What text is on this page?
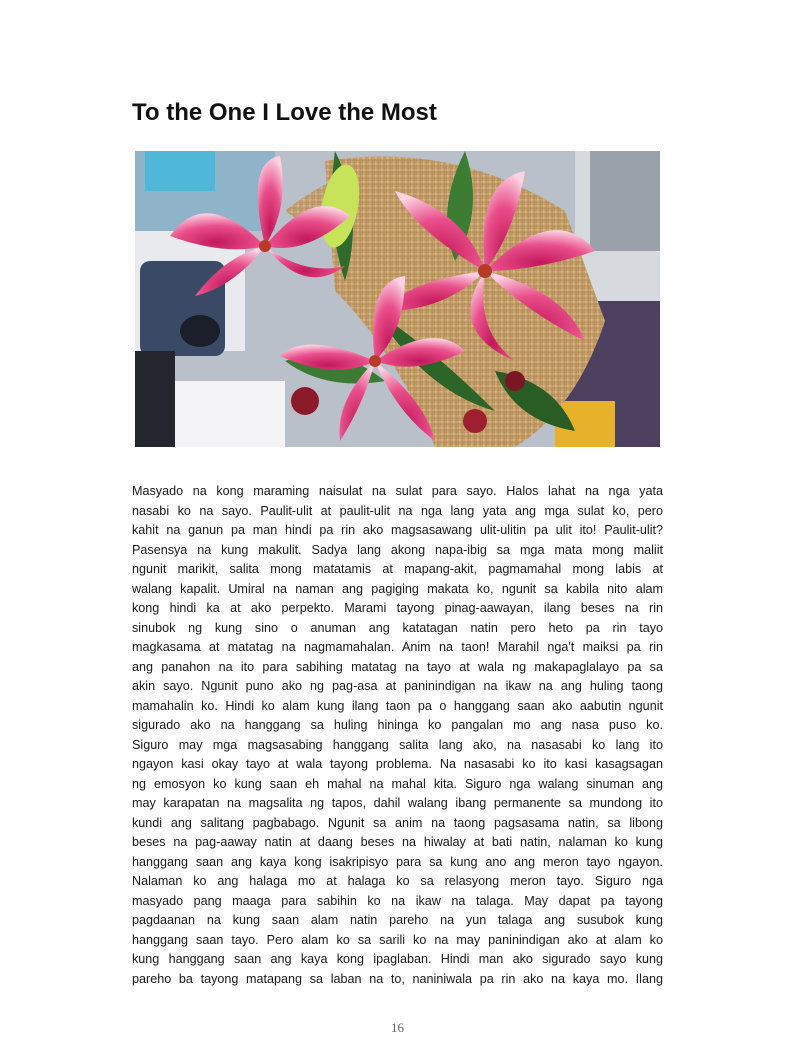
To the One I Love the Most
Masyado na kong maraming naisulat na sulat para sayo. Halos lahat na nga yata
nasabi ko na sayo. Paulit-ulit at paulit-ulit na nga lang yata ang mga sulat ko, pero
kahit na ganun pa man hindi pa rin ako magsasawang ulit-ulitin pa ulit ito! Paulit-ulit?
Pasensya na kung makulit. Sadya lang akong napa-ibig sa mga mata mong maliit
ngunit marikit, salita mong matatamis at mapang-akit, pagmamahal mong labis at
walang kapalit. Umiral na naman ang pagiging makata ko, ngunit sa kabila nito alam
kong hindi ka at ako perpekto. Marami tayong pinag-aawayan, ilang beses na rin
sinubok ng kung sino o anuman ang katatagan natin pero heto pa rin tayo
magkasama at matatag na nagmamahalan. Anim na taon! Marahil nga't maiksi pa rin
ang panahon na ito para sabihing matatag na tayo at wala ng makapaglalayo pa sa
akin sayo. Ngunit puno ako ng pag-asa at paninindigan na ikaw na ang huling taong
mamahalin ko. Hindi ko alam kung ilang taon pa o hanggang saan ako aabutin ngunit
sigurado ako na hanggang sa huling hininga ko pangalan mo ang nasa puso ko.
Siguro may mga magsasabing hanggang salita lang ako, na nasasabi ko lang ito
ngayon kasi okay tayo at wala tayong problema. Na nasasabi ko ito kasi kasagsagan
ng emosyon ko kung saan eh mahal na mahal kita. Siguro nga walang sinuman ang
may karapatan na magsalita ng tapos, dahil walang ibang permanente sa mundong ito
kundi ang salitang pagbabago. Ngunit sa anim na taong pagsasama natin, sa libong
beses na pag-aaway natin at daang beses na hiwalay at bati natin, nalaman ko kung
hanggang saan ang kaya kong isakripisyo para sa kung ano ang meron tayo ngayon.
Nalaman ko ang halaga mo at halaga ko sa relasyong meron tayo. Siguro nga
masyado pang maaga para sabihin ko na ikaw na talaga. May dapat pa tayong
pagdaanan na kung saan alam natin pareho na yun talaga ang susubok kung
hanggang saan tayo. Pero alam ko sa sarili ko na may paninindigan ako at alam ko
kung hanggang saan ang kaya kong ipaglaban. Hindi man ako sigurado sayo kung
pareho ba tayong matapang sa laban na to, naniniwala pa rin ako na kaya mo. Ilang
16
